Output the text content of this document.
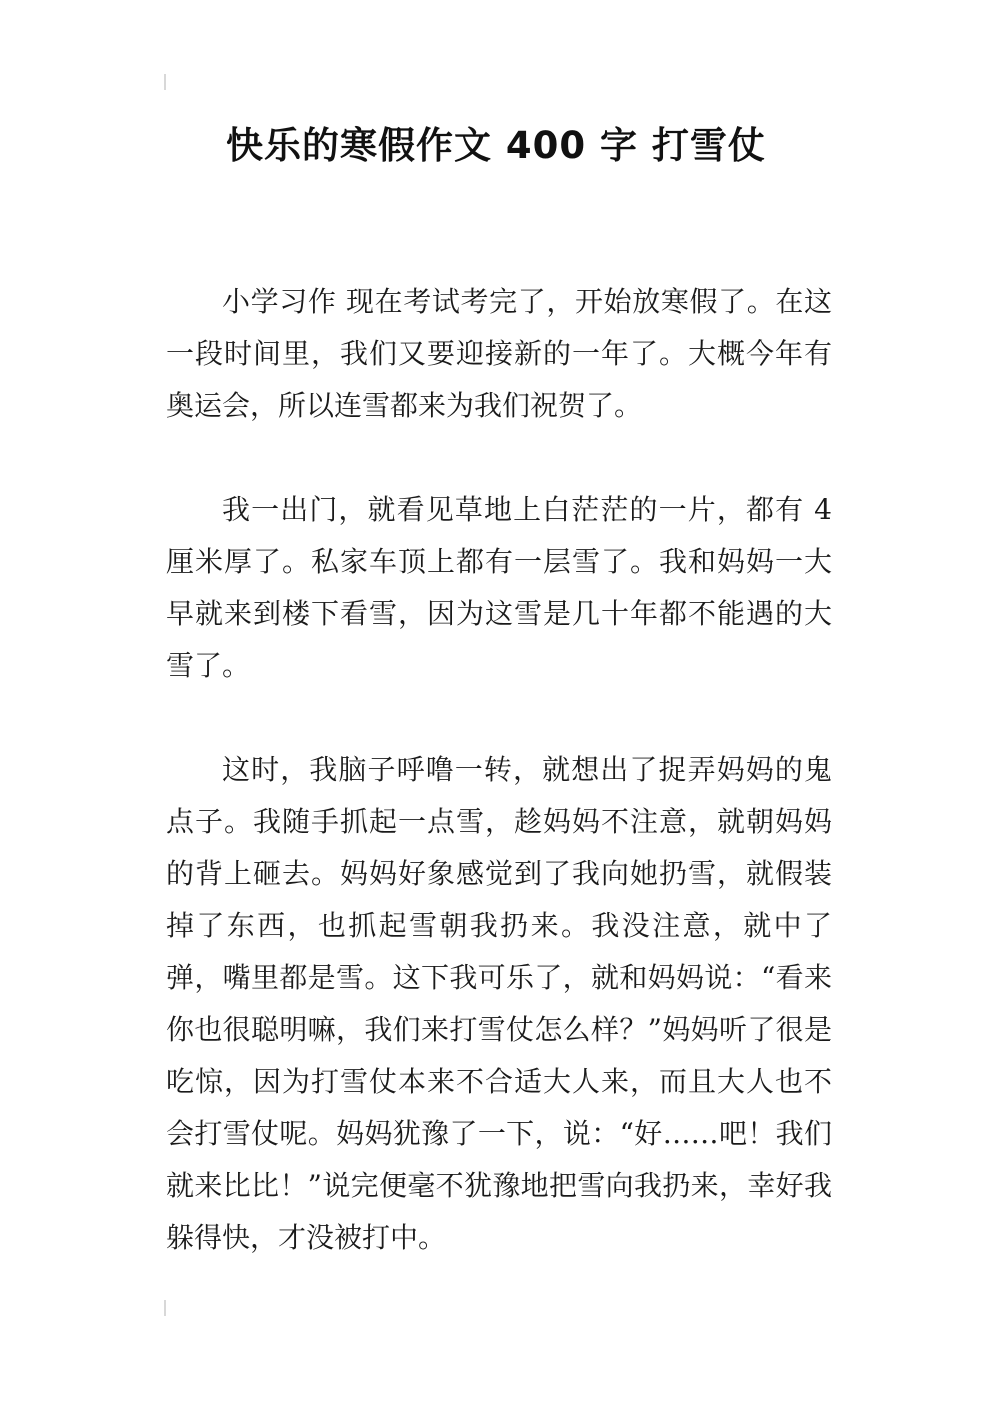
快乐的寒假作文 400 字 打雪仗

小学习作 现在考试考完了，开始放寒假了。在这一段时间里，我们又要迎接新的一年了。大概今年有奥运会，所以连雪都来为我们祝贺了。

我一出门，就看见草地上白茫茫的一片，都有 4 厘米厚了。私家车顶上都有一层雪了。我和妈妈一大早就来到楼下看雪，因为这雪是几十年都不能遇的大雪了。

这时，我脑子呼噜一转，就想出了捉弄妈妈的鬼点子。我随手抓起一点雪，趁妈妈不注意，就朝妈妈的背上砸去。妈妈好象感觉到了我向她扔雪，就假装掉了东西，也抓起雪朝我扔来。我没注意，就中了弹，嘴里都是雪。这下我可乐了，就和妈妈说：“看来你也很聪明嘛，我们来打雪仗怎么样？”妈妈听了很是吃惊，因为打雪仗本来不合适大人来，而且大人也不会打雪仗呢。妈妈犹豫了一下，说：“好……吧！我们就来比比！”说完便毫不犹豫地把雪向我扔来，幸好我躲得快，才没被打中。
